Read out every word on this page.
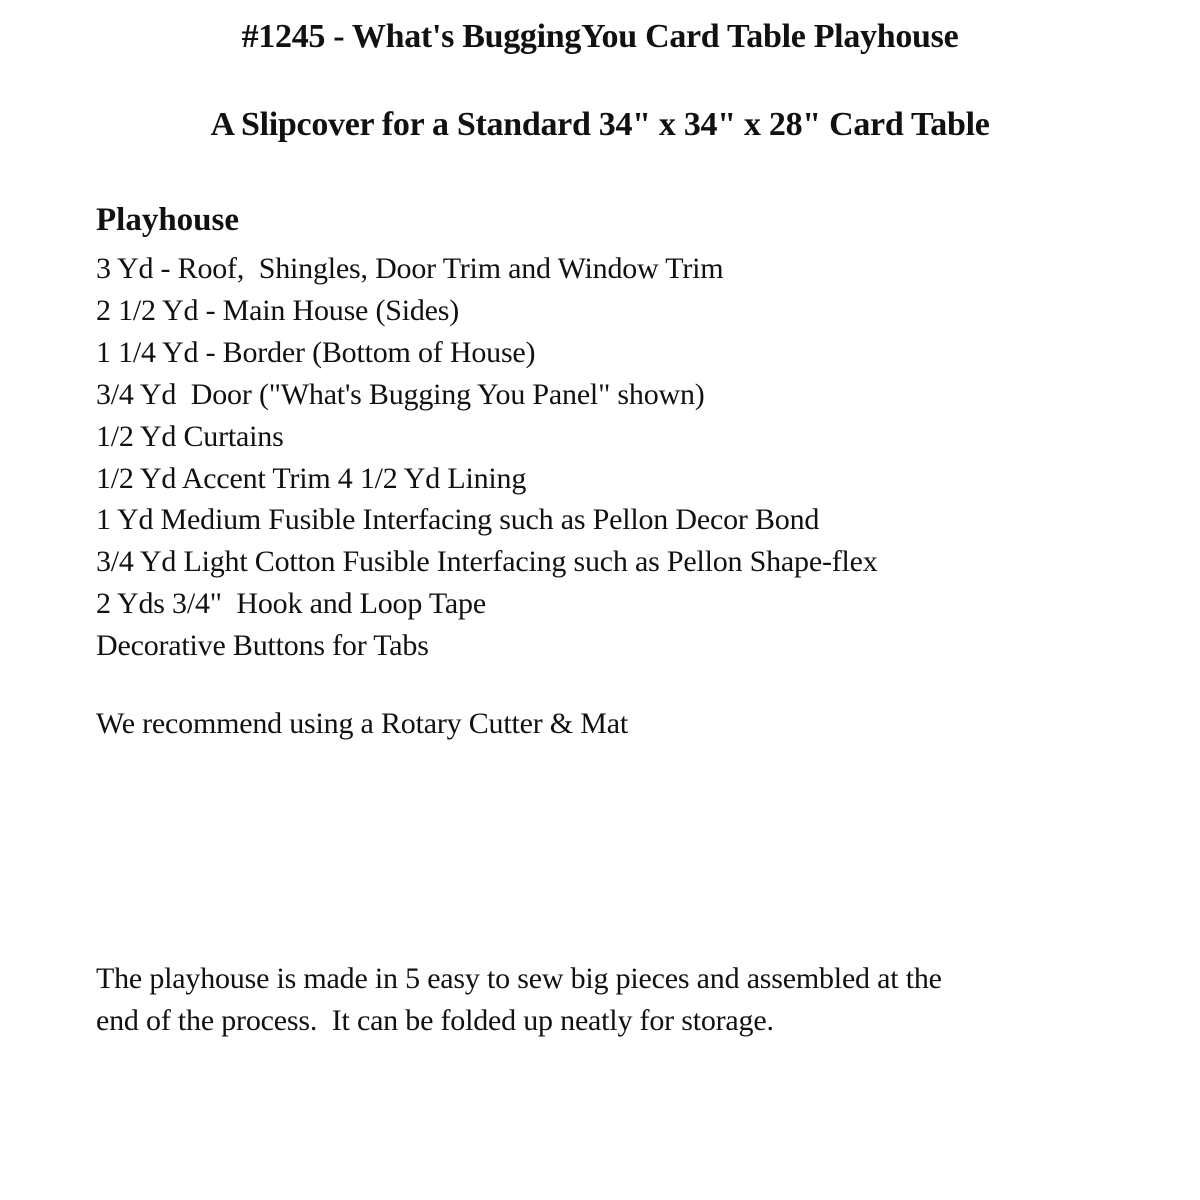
#1245 - What's BuggingYou Card Table Playhouse
A Slipcover for a Standard 34" x 34" x 28" Card Table
Playhouse
3 Yd - Roof,  Shingles, Door Trim and Window Trim
2 1/2 Yd - Main House (Sides)
1 1/4 Yd - Border (Bottom of House)
3/4 Yd  Door ("What's Bugging You Panel" shown)
1/2 Yd Curtains
1/2 Yd Accent Trim 4 1/2 Yd Lining
1 Yd Medium Fusible Interfacing such as Pellon Decor Bond
3/4 Yd Light Cotton Fusible Interfacing such as Pellon Shape-flex
2 Yds 3/4"  Hook and Loop Tape
Decorative Buttons for Tabs

We recommend using a Rotary Cutter & Mat

The playhouse is made in 5 easy to sew big pieces and assembled at the
end of the process.  It can be folded up neatly for storage.
